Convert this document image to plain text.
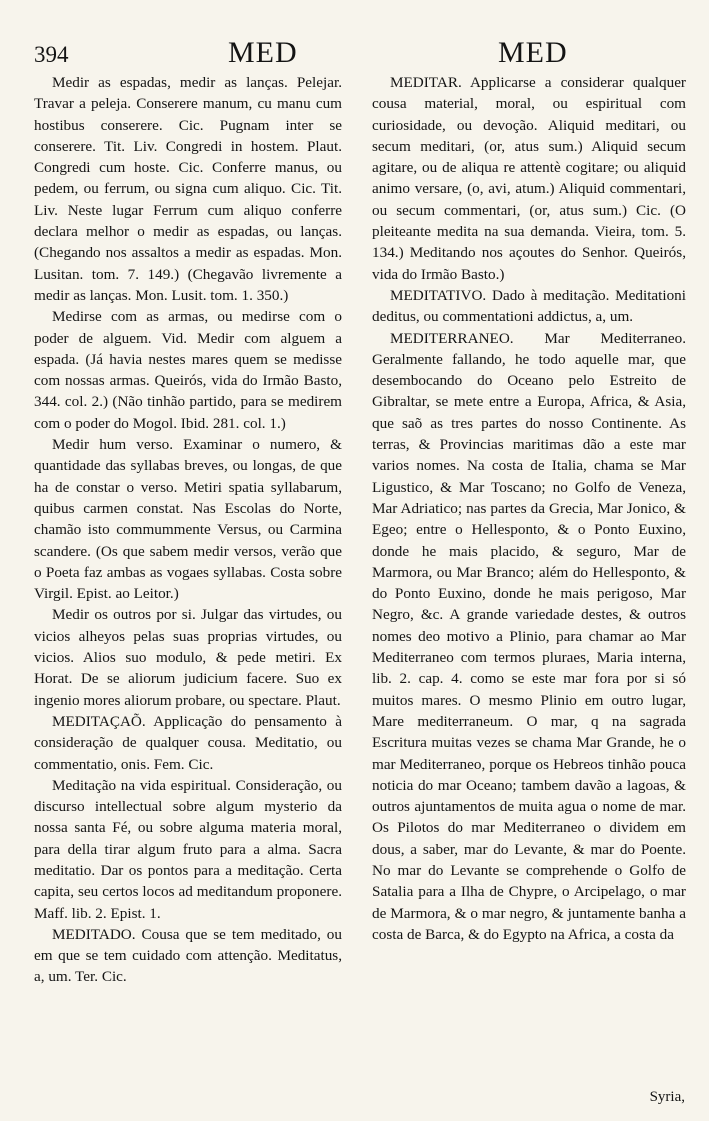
394	MED	MED

Medir as espadas, medir as lanças. Pelejar. Travar a peleja. Conserere manum, cu manu cum hostibus conserere. Cic. Pugnam inter se conserere. Tit. Liv. Congredi in hostem. Plaut. Congredi cum hoste. Cic. Conferre manus, ou pedem, ou ferrum, ou signa cum aliquo. Cic. Tit. Liv. Neste lugar Ferrum cum aliquo conferre declara melhor o medir as espadas, ou lanças. (Chegando nos assaltos a medir as espadas. Mon. Lusitan. tom. 7. 149.) (Chegavão livremente a medir as lanças. Mon. Lusit. tom. 1. 350.)

Medirse com as armas, ou medirse com o poder de alguem. Vid. Medir com alguem a espada. (Já havia nestes mares quem se medisse com nossas armas. Queirós, vida do Irmão Basto, 344. col. 2.) (Não tinhão partido, para se medirem com o poder do Mogol. Ibid. 281. col. 1.)

Medir hum verso. Examinar o numero, & quantidade das syllabas breves, ou longas, de que ha de constar o verso. Metiri spatia syllabarum, quibus carmen constat. Nas Escolas do Norte, chamão isto commummente Versus, ou Carmina scandere. (Os que sabem medir versos, verão que o Poeta faz ambas as vogaes syllabas. Costa sobre Virgil. Epist. ao Leitor.)

Medir os outros por si. Julgar das virtudes, ou vicios alheyos pelas suas proprias virtudes, ou vicios. Alios suo modulo, & pede metiri. Ex Horat. De se aliorum judicium facere. Suo ex ingenio mores aliorum probare, ou spectare. Plaut.

MEDITAÇAÕ. Applicação do pensamento à consideração de qualquer cousa. Meditatio, ou commentatio, onis. Fem. Cic.

Meditação na vida espiritual. Consideração, ou discurso intellectual sobre algum mysterio da nossa santa Fé, ou sobre alguma materia moral, para della tirar algum fruto para a alma. Sacra meditatio. Dar os pontos para a meditação. Certa capita, seu certos locos ad meditandum proponere. Maff. lib. 2. Epist. 1.

MEDITADO. Cousa que se tem meditado, ou em que se tem cuidado com attenção. Meditatus, a, um. Ter. Cic.

MEDITAR. Applicarse a considerar qualquer cousa material, moral, ou espiritual com curiosidade, ou devoção. Aliquid meditari, ou secum meditari, (or, atus sum.) Aliquid secum agitare, ou de aliqua re attentè cogitare; ou aliquid animo versare, (o, avi, atum.) Aliquid commentari, ou secum commentari, (or, atus sum.) Cic. (O pleiteante medita na sua demanda. Vieira, tom. 5. 134.) Meditando nos açoutes do Senhor. Queirós, vida do Irmão Basto.)

MEDITATIVO. Dado à meditação. Meditationi deditus, ou commentationi addictus, a, um.

MEDITERRANEO. Mar Mediterraneo. Geralmente fallando, he todo aquelle mar, que desembocando do Oceano pelo Estreito de Gibraltar, se mete entre a Europa, Africa, & Asia, que saõ as tres partes do nosso Continente. As terras, & Provincias maritimas dão a este mar varios nomes. Na costa de Italia, chama se Mar Ligustico, & Mar Toscano; no Golfo de Veneza, Mar Adriatico; nas partes da Grecia, Mar Jonico, & Egeo; entre o Hellesponto, & o Ponto Euxino, donde he mais placido, & seguro, Mar de Marmora, ou Mar Branco; além do Hellesponto, & do Ponto Euxino, donde he mais perigoso, Mar Negro, &c. A grande variedade destes, & outros nomes deo motivo a Plinio, para chamar ao Mar Mediterraneo com termos pluraes, Maria interna, lib. 2. cap. 4. como se este mar fora por si só muitos mares. O mesmo Plinio em outro lugar, Mare mediterraneum. O mar, q na sagrada Escritura muitas vezes se chama Mar Grande, he o mar Mediterraneo, porque os Hebreos tinhão pouca noticia do mar Oceano; tambem davão a lagoas, & outros ajuntamentos de muita agua o nome de mar. Os Pilotos do mar Mediterraneo o dividem em dous, a saber, mar do Levante, & mar do Poente. No mar do Levante se comprehende o Golfo de Satalia para a Ilha de Chypre, o Arcipelago, o mar de Marmora, & o mar negro, & juntamente banha a costa de Barca, & do Egypto na Africa, a costa da

Syria,
